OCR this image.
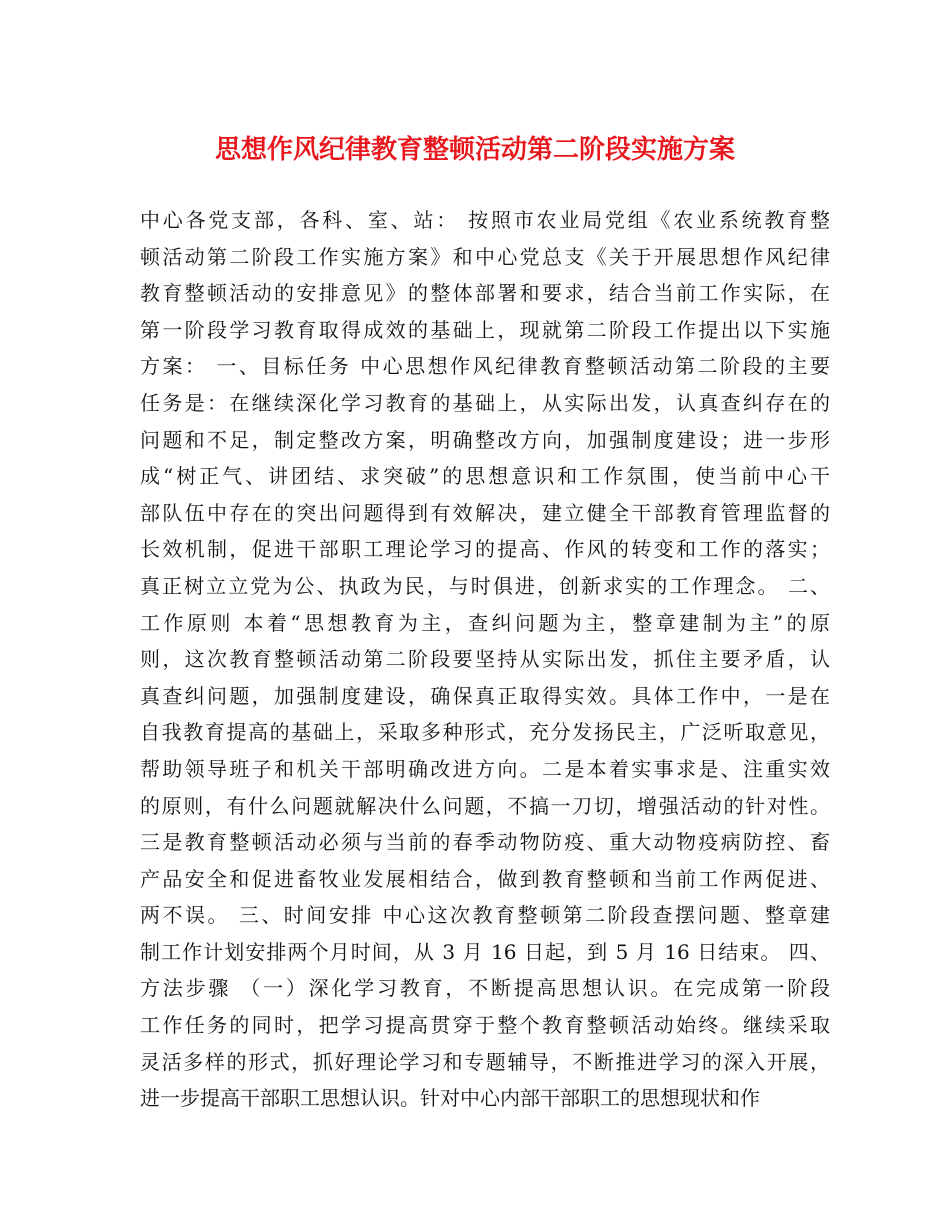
思想作风纪律教育整顿活动第二阶段实施方案
中心各党支部，各科、室、站： 按照市农业局党组《农业系统教育整
顿活动第二阶段工作实施方案》和中心党总支《关于开展思想作风纪律
教育整顿活动的安排意见》的整体部署和要求，结合当前工作实际，在
第一阶段学习教育取得成效的基础上，现就第二阶段工作提出以下实施
方案： 一、目标任务 中心思想作风纪律教育整顿活动第二阶段的主要
任务是：在继续深化学习教育的基础上，从实际出发，认真查纠存在的
问题和不足，制定整改方案，明确整改方向，加强制度建设；进一步形
成“树正气、讲团结、求突破”的思想意识和工作氛围，使当前中心干
部队伍中存在的突出问题得到有效解决，建立健全干部教育管理监督的
长效机制，促进干部职工理论学习的提高、作风的转变和工作的落实；
真正树立立党为公、执政为民，与时俱进，创新求实的工作理念。 二、
工作原则 本着“思想教育为主，查纠问题为主，整章建制为主”的原
则，这次教育整顿活动第二阶段要坚持从实际出发，抓住主要矛盾，认
真查纠问题，加强制度建设，确保真正取得实效。具体工作中，一是在
自我教育提高的基础上，采取多种形式，充分发扬民主，广泛听取意见，
帮助领导班子和机关干部明确改进方向。二是本着实事求是、注重实效
的原则，有什么问题就解决什么问题，不搞一刀切，增强活动的针对性。
三是教育整顿活动必须与当前的春季动物防疫、重大动物疫病防控、畜
产品安全和促进畜牧业发展相结合，做到教育整顿和当前工作两促进、
两不误。 三、时间安排 中心这次教育整顿第二阶段查摆问题、整章建
制工作计划安排两个月时间，从 3 月 16 日起，到 5 月 16 日结束。 四、
方法步骤 （一）深化学习教育，不断提高思想认识。在完成第一阶段
工作任务的同时，把学习提高贯穿于整个教育整顿活动始终。继续采取
灵活多样的形式，抓好理论学习和专题辅导，不断推进学习的深入开展，
进一步提高干部职工思想认识。针对中心内部干部职工的思想现状和作
